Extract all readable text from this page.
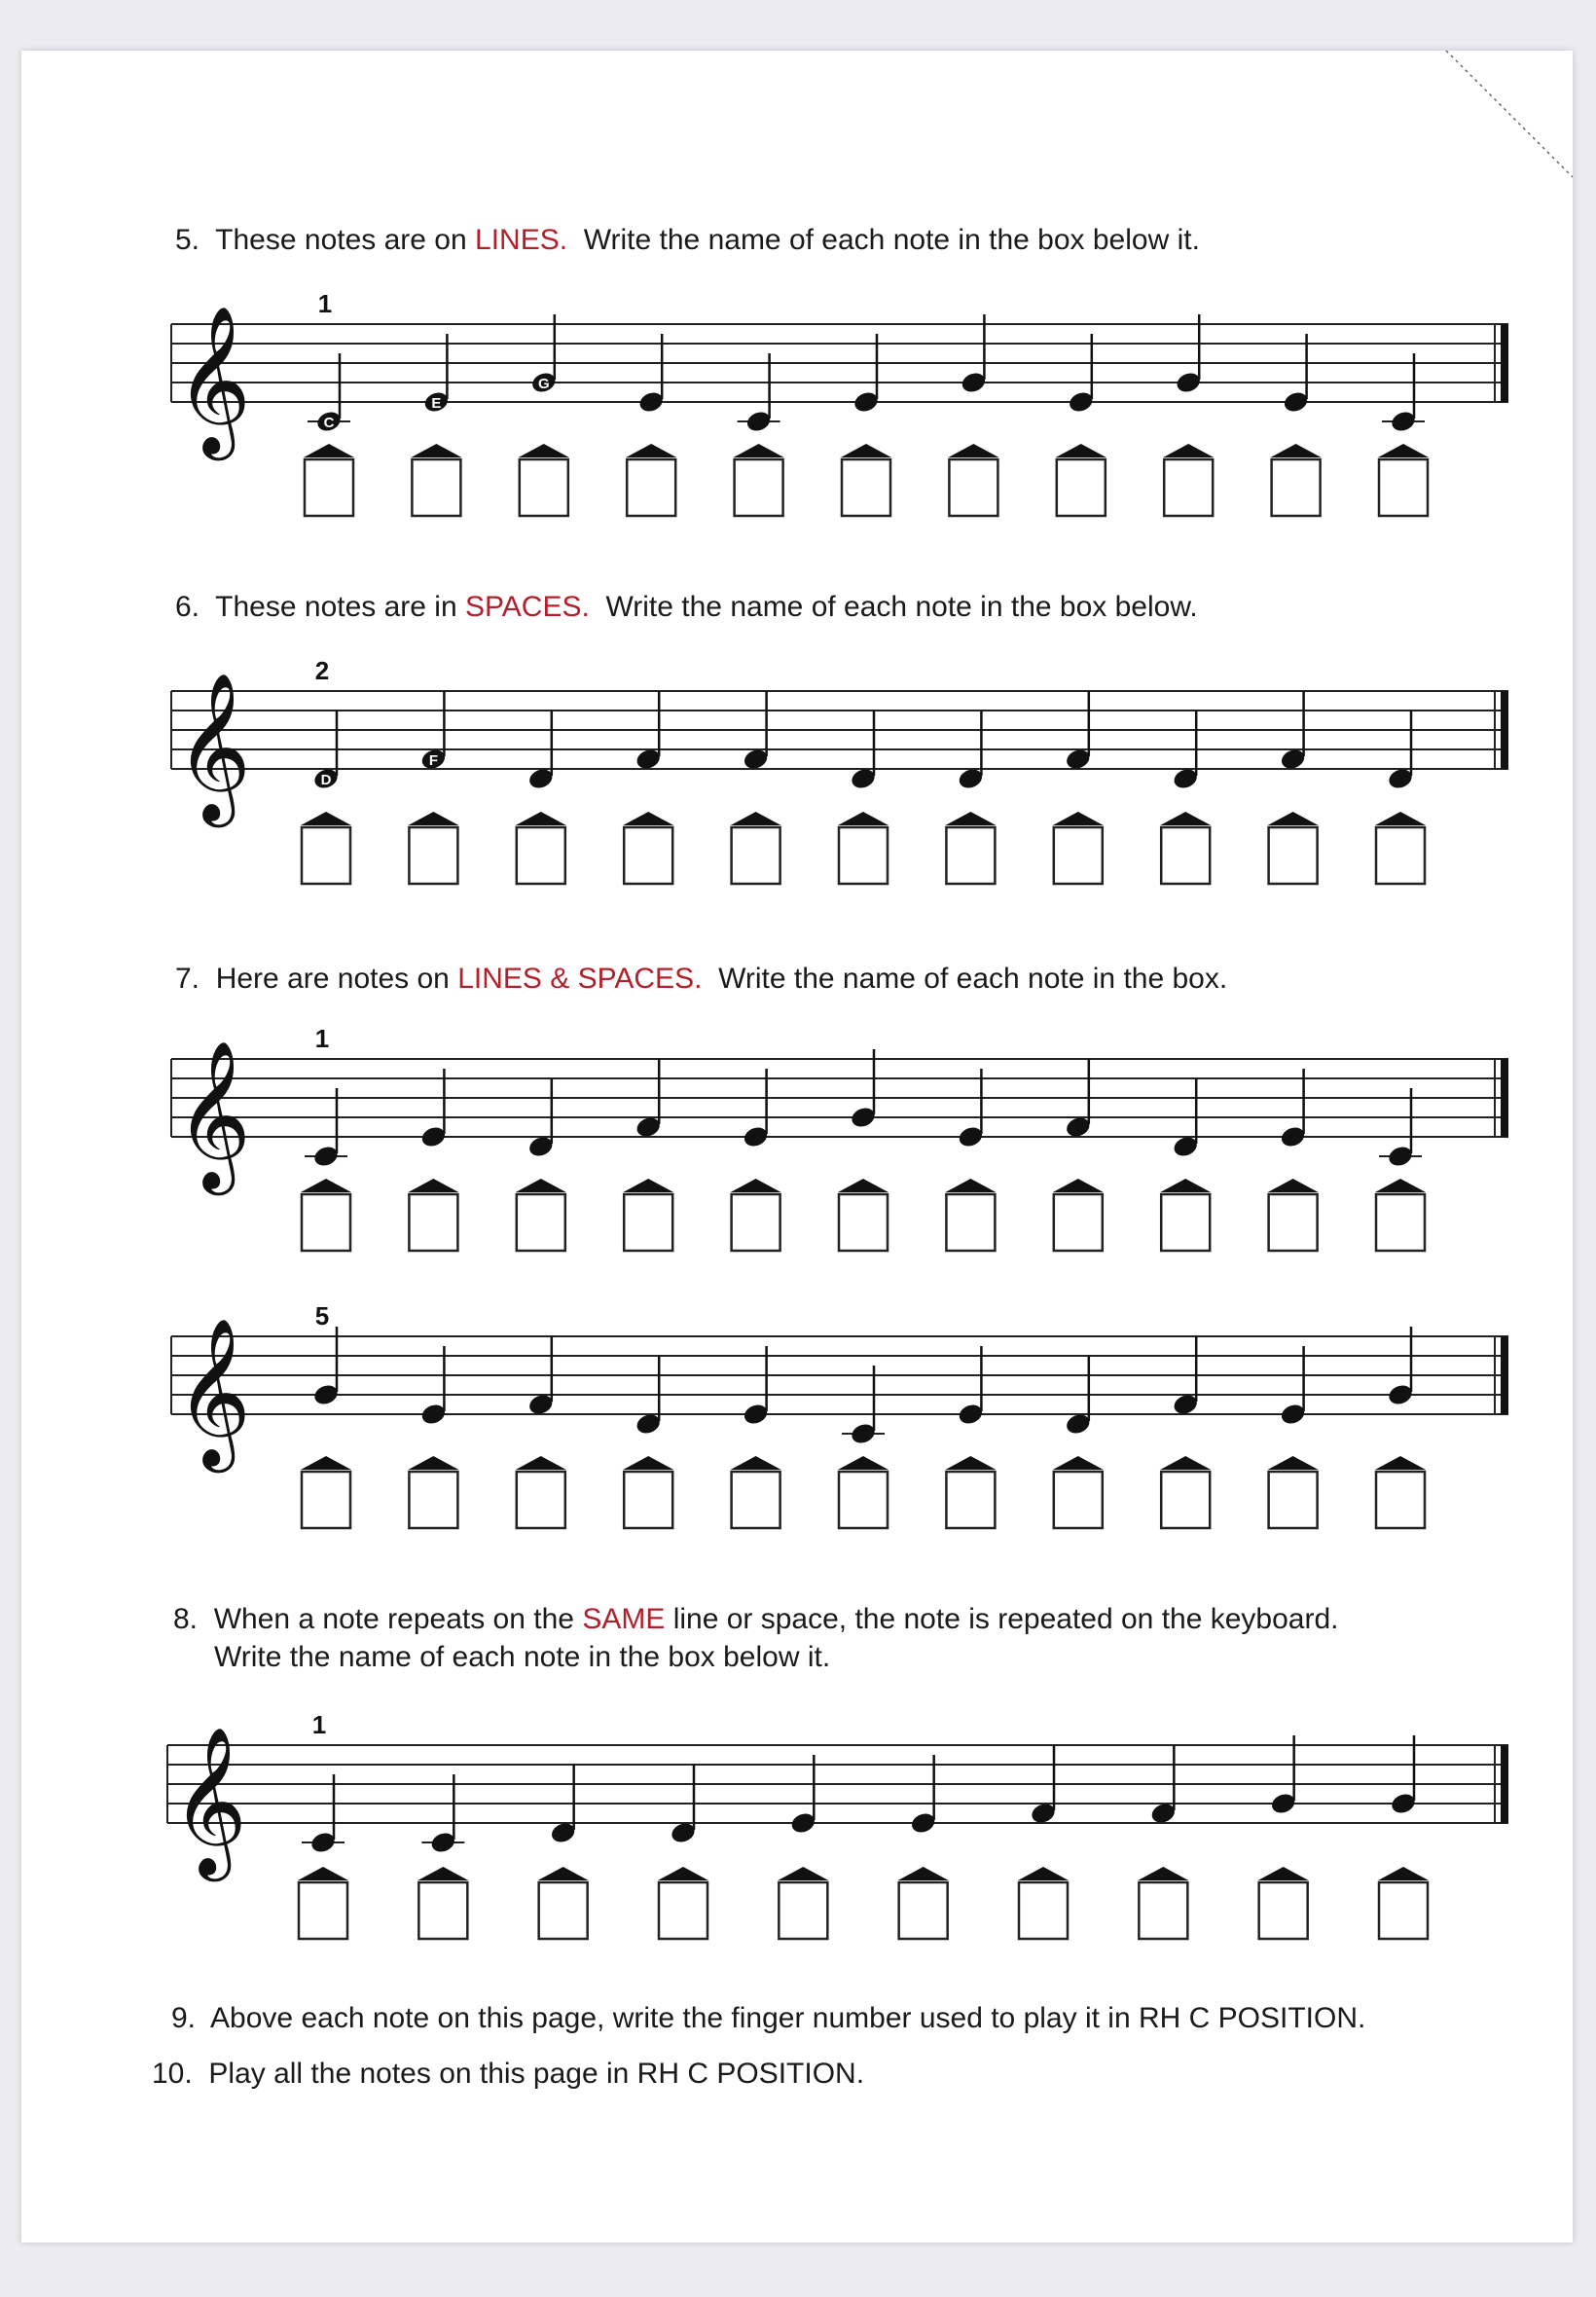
5. These notes are on LINES. Write the name of each note in the box below it.
6. These notes are in SPACES. Write the name of each note in the box below.
7. Here are notes on LINES & SPACES. Write the name of each note in the box.
8. When a note repeats on the SAME line or space, the note is repeated on the keyboard.
Write the name of each note in the box below it.
9. Above each note on this page, write the finger number used to play it in RH C POSITION.
10. Play all the notes on this page in RH C POSITION.
𝄞
1
C
E
G
𝄞
2
D
F
𝄞
1
𝄞
5
𝄞
1
